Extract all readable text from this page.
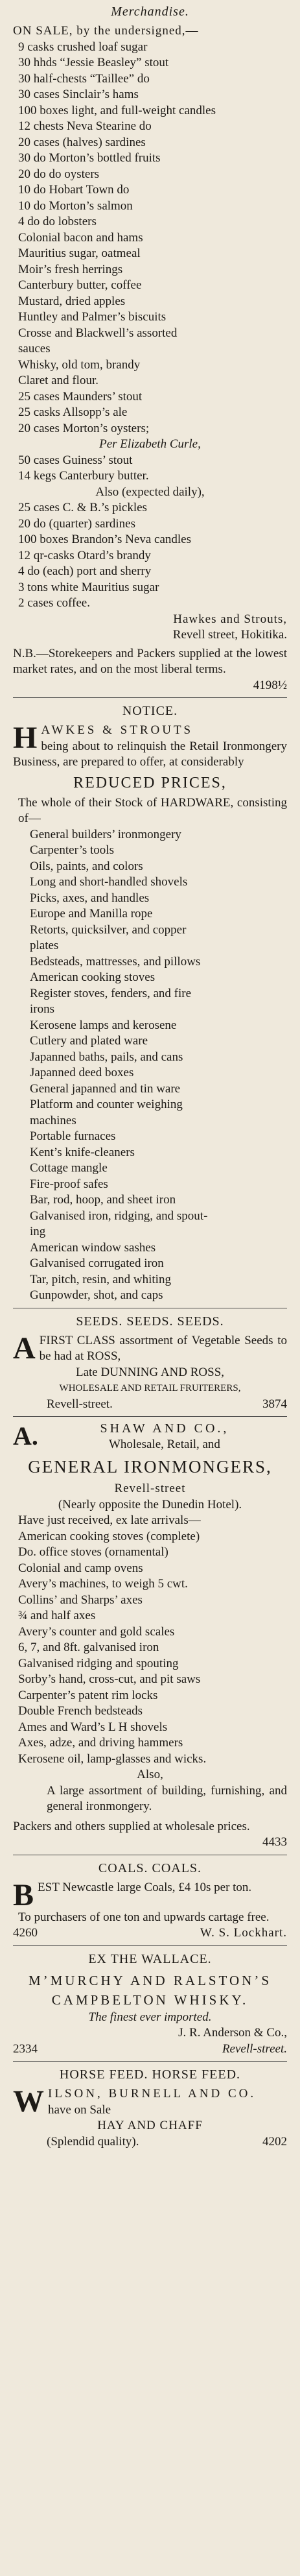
Merchandise.

ON SALE, by the undersigned,—

9 casks crushed loaf sugar

30 hhds “Jessie Beasley” stout

30 half-chests “Taillee” do

30 cases Sinclair’s hams

100 boxes light, and full-weight candles

12 chests Neva Stearine do

20 cases (halves) sardines

30 do Morton’s bottled fruits

20 do do oysters

10 do Hobart Town do

10 do Morton’s salmon

4 do do lobsters

Colonial bacon and hams

Mauritius sugar, oatmeal

Moir’s fresh herrings

Canterbury butter, coffee

Mustard, dried apples

Huntley and Palmer’s biscuits

Crosse and Blackwell’s assorted

sauces

Whisky, old tom, brandy

Claret and flour.

25 cases Maunders’ stout

25 casks Allsopp’s ale

20 cases Morton’s oysters;

Per Elizabeth Curle,

50 cases Guiness’ stout

14 kegs Canterbury butter.

Also (expected daily),

25 cases C. & B.’s pickles

20 do (quarter) sardines

100 boxes Brandon’s Neva candles

12 qr-casks Otard’s brandy

4 do (each) port and sherry

3 tons white Mauritius sugar

2 cases coffee.

Hawkes and Strouts,

Revell street, Hokitika.

N.B.—Storekeepers and Packers supplied at the lowest market rates, and on the most liberal terms.

4198½

NOTICE.
H AWKES & STROUTS

being about to relinquish the Retail Ironmongery Business, are prepared to offer, at considerably

REDUCED PRICES,

The whole of their Stock of HARDWARE, consisting of—

General builders’ ironmongery

Carpenter’s tools

Oils, paints, and colors

Long and short-handled shovels

Picks, axes, and handles

Europe and Manilla rope

Retorts, quicksilver, and copper

plates

Bedsteads, mattresses, and pillows

American cooking stoves

Register stoves, fenders, and fire

irons

Kerosene lamps and kerosene

Cutlery and plated ware

Japanned baths, pails, and cans

Japanned deed boxes

General japanned and tin ware

Platform and counter weighing

machines

Portable furnaces

Kent’s knife-cleaners

Cottage mangle

Fire-proof safes

Bar, rod, hoop, and sheet iron

Galvanised iron, ridging, and spout-

ing

American window sashes

Galvanised corrugated iron

Tar, pitch, resin, and whiting

Gunpowder, shot, and caps

SEEDS. SEEDS. SEEDS.
A FIRST CLASS assortment of Vegetable Seeds to be had at ROSS,

Late DUNNING AND ROSS,

WHOLESALE AND RETAIL FRUITERERS,

Revell-street.	3874
A.	SHAW AND CO.,

Wholesale, Retail, and

GENERAL IRONMONGERS,

Revell-street

(Nearly opposite the Dunedin Hotel).

Have just received, ex late arrivals—

American cooking stoves (complete)

Do. office stoves (ornamental)

Colonial and camp ovens

Avery’s machines, to weigh 5 cwt.

Collins’ and Sharps’ axes

¾ and half axes

Avery’s counter and gold scales

6, 7, and 8ft. galvanised iron

Galvanised ridging and spouting

Sorby’s hand, cross-cut, and pit saws

Carpenter’s patent rim locks

Double French bedsteads

Ames and Ward’s L H shovels

Axes, adze, and driving hammers

Kerosene oil, lamp-glasses and wicks.

Also,

A large assortment of building, furnishing, and general ironmongery.

Packers and others supplied at wholesale prices.

4433

COALS. COALS.
B EST Newcastle large Coals, £4 10s per ton.

To purchasers of one ton and upwards cartage free.

4260	W. S. Lockhart.
EX THE WALLACE.

M’MURCHY AND RALSTON’S

CAMPBELTON WHISKY.

The finest ever imported.

J. R. Anderson & Co.,

2334	Revell-street.
HORSE FEED. HORSE FEED.
W ILSON, BURNELL AND CO.

have on Sale

HAY AND CHAFF

(Splendid quality).	4202
